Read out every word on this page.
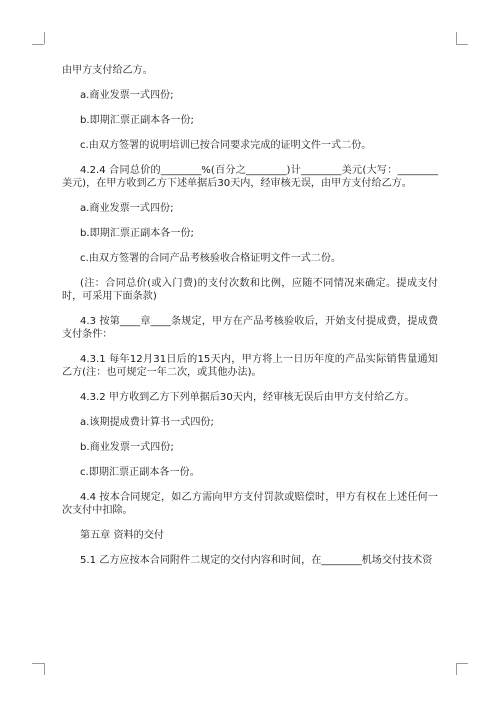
由甲方支付给乙方。

a.商业发票一式四份;

b.即期汇票正副本各一份;

c.由双方签署的说明培训已按合同要求完成的证明文件一式二份。

4.2.4 合同总价的________%(百分之________)计________美元(大写：________美元)，在甲方收到乙方下述单据后30天内，经审核无误，由甲方支付给乙方。

a.商业发票一式四份;

b.即期汇票正副本各一份;

c.由双方签署的合同产品考核验收合格证明文件一式二份。

(注：合同总价(或入门费)的支付次数和比例，应随不同情况来确定。提成支付时，可采用下面条款)

4.3 按第____章____条规定，甲方在产品考核验收后，开始支付提成费，提成费支付条件：

4.3.1 每年12月31日后的15天内，甲方将上一日历年度的产品实际销售量通知乙方(注：也可规定一年二次，或其他办法)。

4.3.2 甲方收到乙方下列单据后30天内，经审核无误后由甲方支付给乙方。

a.该期提成费计算书一式四份;

b.商业发票一式四份;

c.即期汇票正副本各一份。

4.4 按本合同规定，如乙方需向甲方支付罚款或赔偿时，甲方有权在上述任何一次支付中扣除。

第五章 资料的交付

5.1 乙方应按本合同附件二规定的交付内容和时间，在________机场交付技术资
